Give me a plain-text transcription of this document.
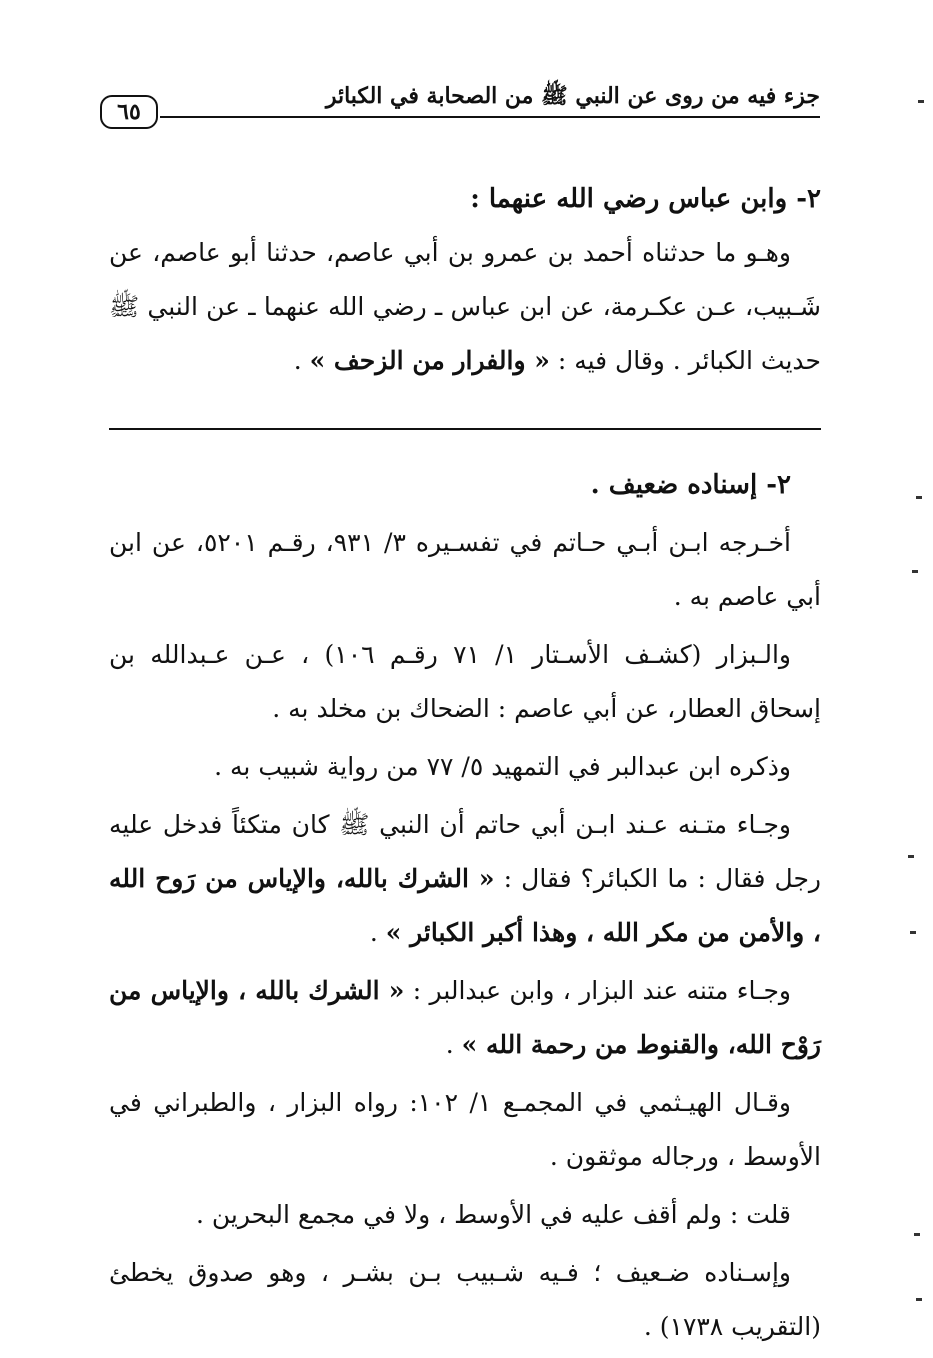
جزء فيه من روى عن النبي ﷺ من الصحابة في الكبائر
٦٥

٢- وابن عباس رضي الله عنهما :

وهـو ما حدثناه أحمد بن عمرو بن أبي عاصم، حدثنا أبو عاصم، عن شَـبيب، عـن عكـرمة، عن ابن عباس ـ رضي الله عنهما ـ عن النبي ﷺ حديث الكبائر . وقال فيه : « والفرار من الزحف » .

٢- إسناده ضعيف .

أخـرجه ابـن أبـي حـاتم في تفسـيره ٣/ ٩٣١، رقـم ٥٢٠١، عن ابن أبي عاصم به .

والـبزار (كشـف الأسـتار ١/ ٧١ رقـم ١٠٦) ، عـن عـبدالله بن إسحاق العطار، عن أبي عاصم : الضحاك بن مخلد به .

وذكره ابن عبدالبر في التمهيد ٥/ ٧٧ من رواية شبيب به .

وجـاء متـنه عـند ابـن أبي حاتم أن النبي ﷺ كان متكئاً فدخل عليه رجل فقال : ما الكبائر؟ فقال : « الشرك بالله، والإياس من رَوح الله ، والأمن من مكر الله ، وهذا أكبر الكبائر » .

وجـاء متنه عند البزار ، وابن عبدالبر : « الشرك بالله ، والإياس من رَوْح الله، والقنوط من رحمة الله » .

وقـال الهيـثمي في المجمـع ١/ ١٠٢: رواه البزار ، والطبراني في الأوسط ، ورجاله موثقون .

قلت : ولم أقف عليه في الأوسط ، ولا في مجمع البحرين .

وإسـناده ضـعيف ؛ فـيه شـبيب بـن بشـر ، وهو صدوق يخطئ (التقريب ١٧٣٨) .
